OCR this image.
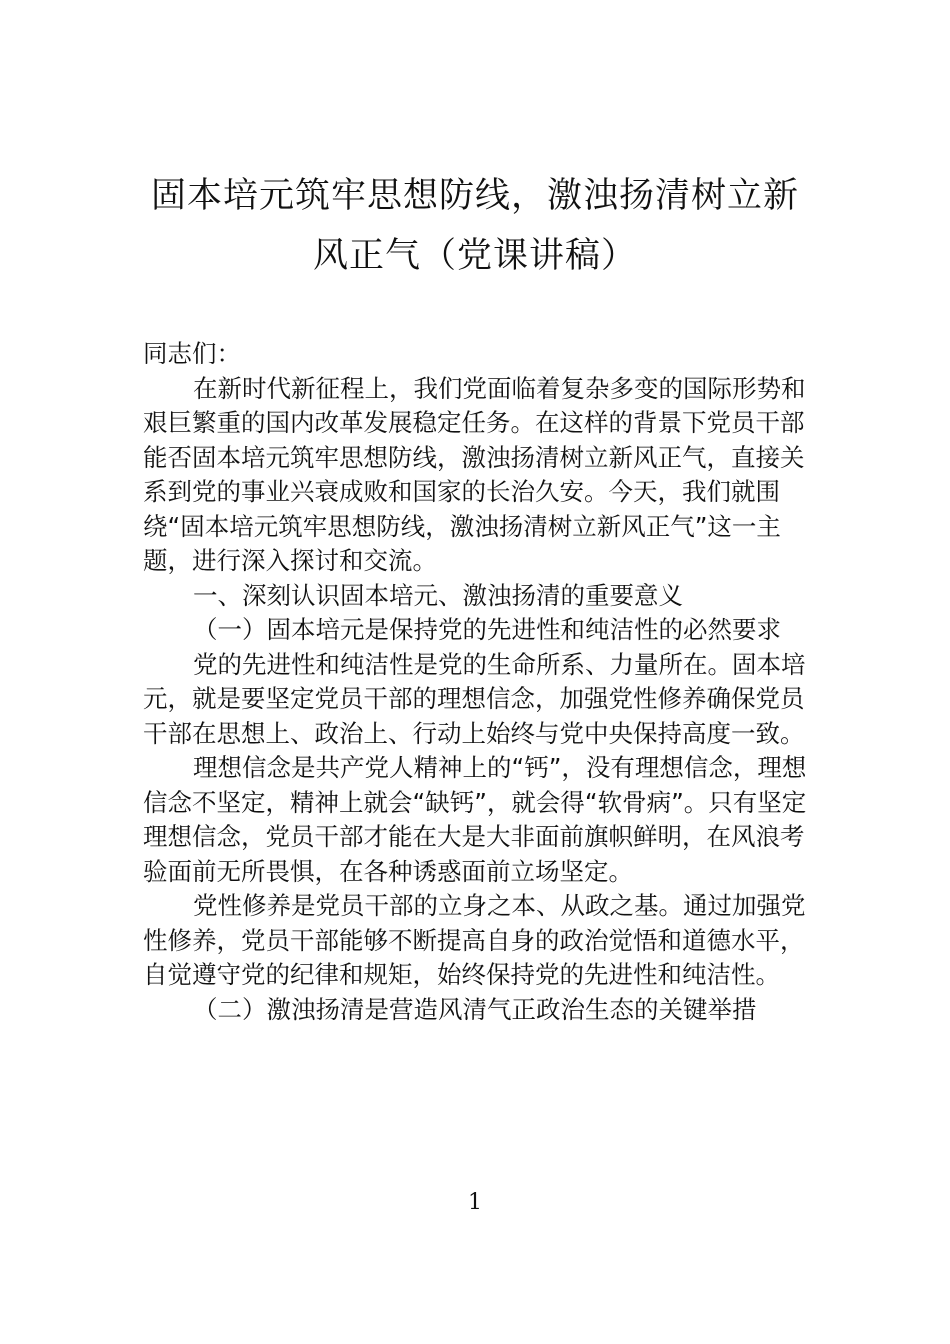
固本培元筑牢思想防线，激浊扬清树立新
风正气（党课讲稿）

同志们：

在新时代新征程上，我们党面临着复杂多变的国际形势和艰巨繁重的国内改革发展稳定任务。在这样的背景下党员干部能否固本培元筑牢思想防线，激浊扬清树立新风正气，直接关系到党的事业兴衰成败和国家的长治久安。今天，我们就围绕“固本培元筑牢思想防线，激浊扬清树立新风正气”这一主题，进行深入探讨和交流。

一、深刻认识固本培元、激浊扬清的重要意义

（一）固本培元是保持党的先进性和纯洁性的必然要求

党的先进性和纯洁性是党的生命所系、力量所在。固本培元，就是要坚定党员干部的理想信念，加强党性修养确保党员干部在思想上、政治上、行动上始终与党中央保持高度一致。

理想信念是共产党人精神上的“钙”，没有理想信念，理想信念不坚定，精神上就会“缺钙”，就会得“软骨病”。只有坚定理想信念，党员干部才能在大是大非面前旗帜鲜明，在风浪考验面前无所畏惧，在各种诱惑面前立场坚定。

党性修养是党员干部的立身之本、从政之基。通过加强党性修养，党员干部能够不断提高自身的政治觉悟和道德水平，自觉遵守党的纪律和规矩，始终保持党的先进性和纯洁性。

（二）激浊扬清是营造风清气正政治生态的关键举措

1
